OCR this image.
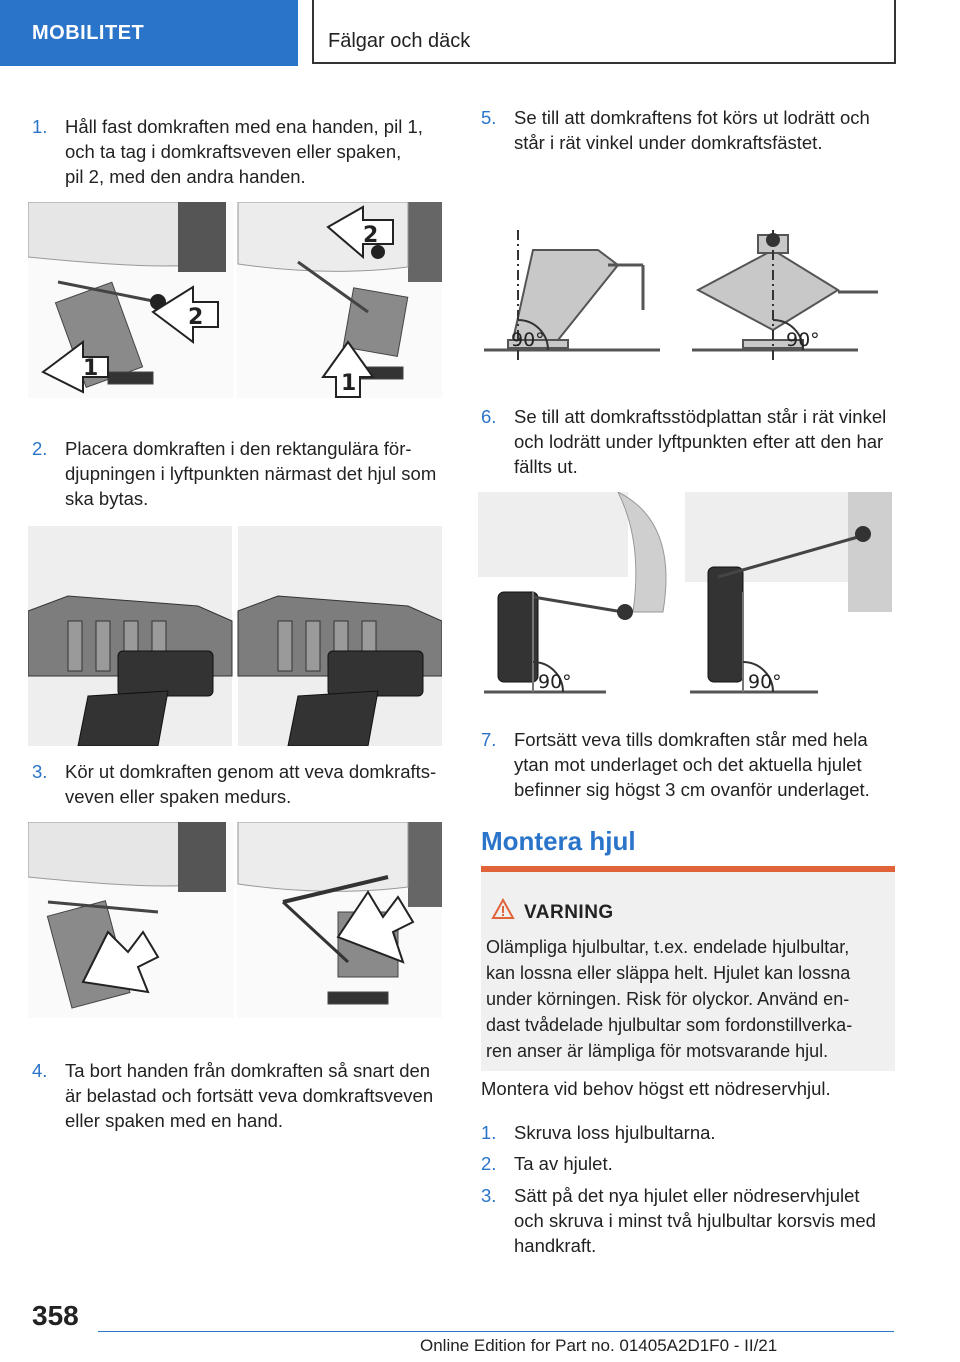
MOBILITET	Fälgar och däck
1. Håll fast domkraften med ena handen, pil 1,
och ta tag i domkraftsveven eller spaken,
pil 2, med den andra handen.
1
2
1
2
2. Placera domkraften i den rektangulära för‐
djupningen i lyftpunkten närmast det hjul som
ska bytas.
3. Kör ut domkraften genom att veva domkrafts‐
veven eller spaken medurs.
4. Ta bort handen från domkraften så snart den
är belastad och fortsätt veva domkraftsveven
eller spaken med en hand.
5. Se till att domkraftens fot körs ut lodrätt och
står i rät vinkel under domkraftsfästet.
90°	90°
6. Se till att domkraftsstödplattan står i rät vinkel
och lodrätt under lyftpunkten efter att den har
fällts ut.
90°	90°
7. Fortsätt veva tills domkraften står med hela
ytan mot underlaget och det aktuella hjulet
befinner sig högst 3 cm ovanför underlaget.
Montera hjul
VARNING
Olämpliga hjulbultar, t.ex. endelade hjulbultar,
kan lossna eller släppa helt. Hjulet kan lossna
under körningen. Risk för olyckor. Använd en‐
dast tvådelade hjulbultar som fordonstillverka‐
ren anser är lämpliga för motsvarande hjul.
Montera vid behov högst ett nödreservhjul.
1. Skruva loss hjulbultarna.
2. Ta av hjulet.
3. Sätt på det nya hjulet eller nödreservhjulet
och skruva i minst två hjulbultar korsvis med
handkraft.
358
Online Edition for Part no. 01405A2D1F0 - II/21
